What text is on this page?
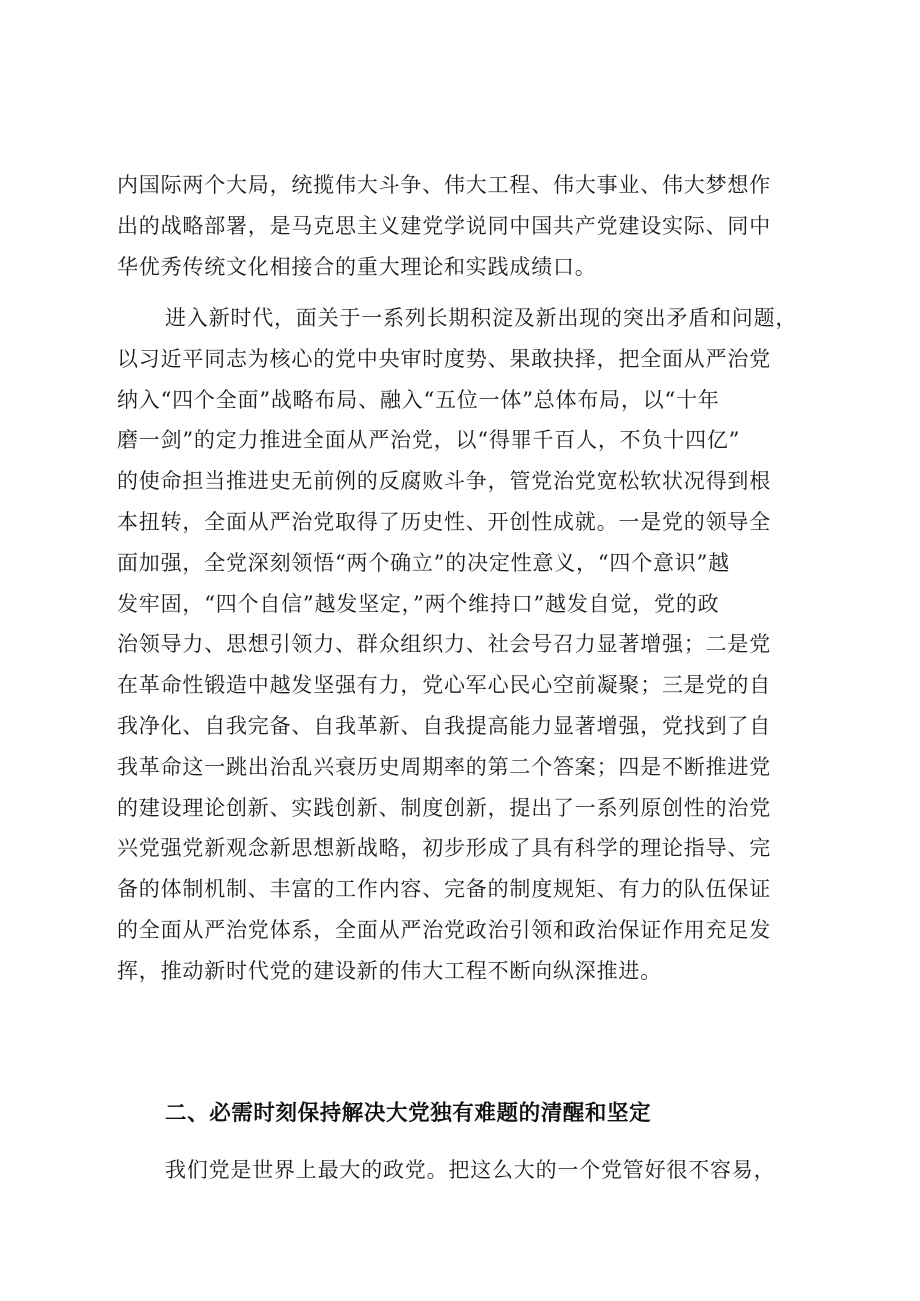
内国际两个大局，统揽伟大斗争、伟大工程、伟大事业、伟大梦想作
出的战略部署，是马克思主义建党学说同中国共产党建设实际、同中
华优秀传统文化相接合的重大理论和实践成绩口。
进入新时代，面关于一系列长期积淀及新出现的突出矛盾和问题，
以习近平同志为核心的党中央审时度势、果敢抉择，把全面从严治党
纳入“四个全面”战略布局、融入“五位一体”总体布局，以“十年
磨一剑”的定力推进全面从严治党，以“得罪千百人，不负十四亿”
的使命担当推进史无前例的反腐败斗争，管党治党宽松软状况得到根
本扭转，全面从严治党取得了历史性、开创性成就。一是党的领导全
面加强，全党深刻领悟“两个确立”的决定性意义，“四个意识”越
发牢固，“四个自信”越发坚定，”两个维持口”越发自觉，党的政
治领导力、思想引领力、群众组织力、社会号召力显著增强；二是党
在革命性锻造中越发坚强有力，党心军心民心空前凝聚；三是党的自
我净化、自我完备、自我革新、自我提高能力显著增强，党找到了自
我革命这一跳出治乱兴衰历史周期率的第二个答案；四是不断推进党
的建设理论创新、实践创新、制度创新，提出了一系列原创性的治党
兴党强党新观念新思想新战略，初步形成了具有科学的理论指导、完
备的体制机制、丰富的工作内容、完备的制度规矩、有力的队伍保证
的全面从严治党体系，全面从严治党政治引领和政治保证作用充足发
挥，推动新时代党的建设新的伟大工程不断向纵深推进。
二、必需时刻保持解决大党独有难题的清醒和坚定
我们党是世界上最大的政党。把这么大的一个党管好很不容易，
